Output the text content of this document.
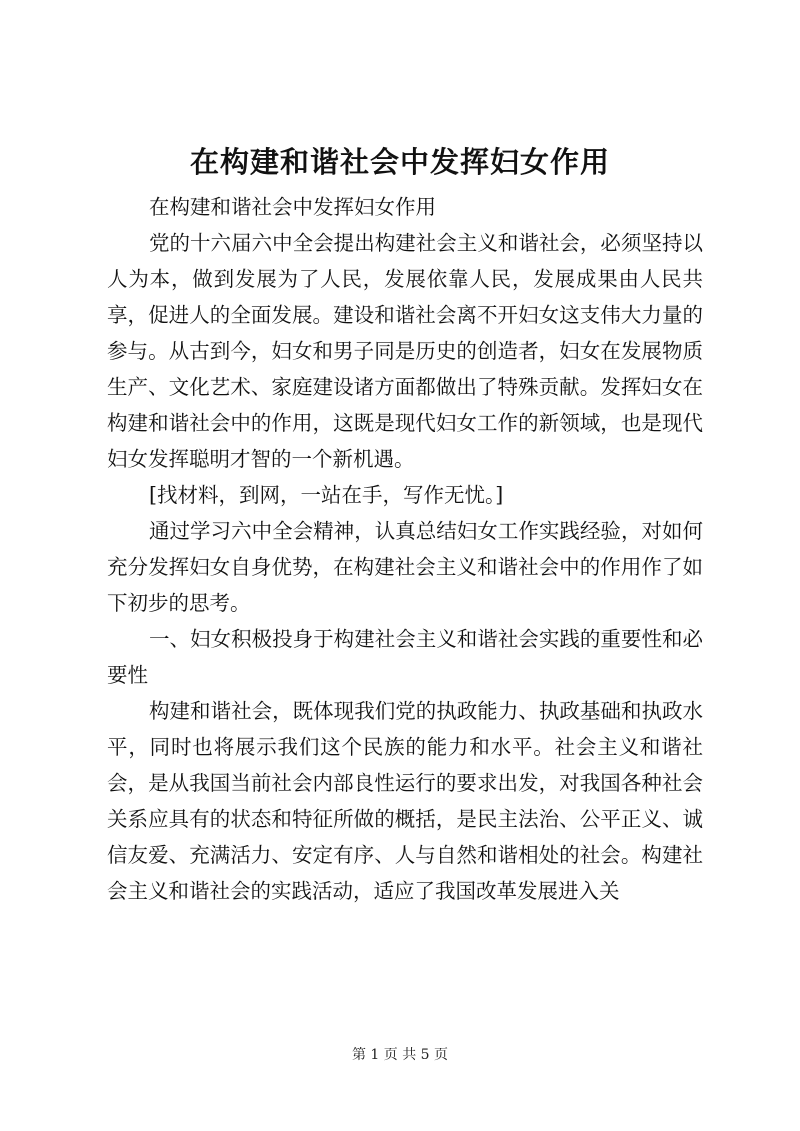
在构建和谐社会中发挥妇女作用

在构建和谐社会中发挥妇女作用

党的十六届六中全会提出构建社会主义和谐社会，必须坚持以人为本，做到发展为了人民，发展依靠人民，发展成果由人民共享，促进人的全面发展。建设和谐社会离不开妇女这支伟大力量的参与。从古到今，妇女和男子同是历史的创造者，妇女在发展物质生产、文化艺术、家庭建设诸方面都做出了特殊贡献。发挥妇女在构建和谐社会中的作用，这既是现代妇女工作的新领域，也是现代妇女发挥聪明才智的一个新机遇。

[找材料，到网，一站在手，写作无忧。]

通过学习六中全会精神，认真总结妇女工作实践经验，对如何充分发挥妇女自身优势，在构建社会主义和谐社会中的作用作了如下初步的思考。

一、妇女积极投身于构建社会主义和谐社会实践的重要性和必要性

构建和谐社会，既体现我们党的执政能力、执政基础和执政水平，同时也将展示我们这个民族的能力和水平。社会主义和谐社会，是从我国当前社会内部良性运行的要求出发，对我国各种社会关系应具有的状态和特征所做的概括，是民主法治、公平正义、诚信友爱、充满活力、安定有序、人与自然和谐相处的社会。构建社会主义和谐社会的实践活动，适应了我国改革发展进入关

第 1 页 共 5 页
